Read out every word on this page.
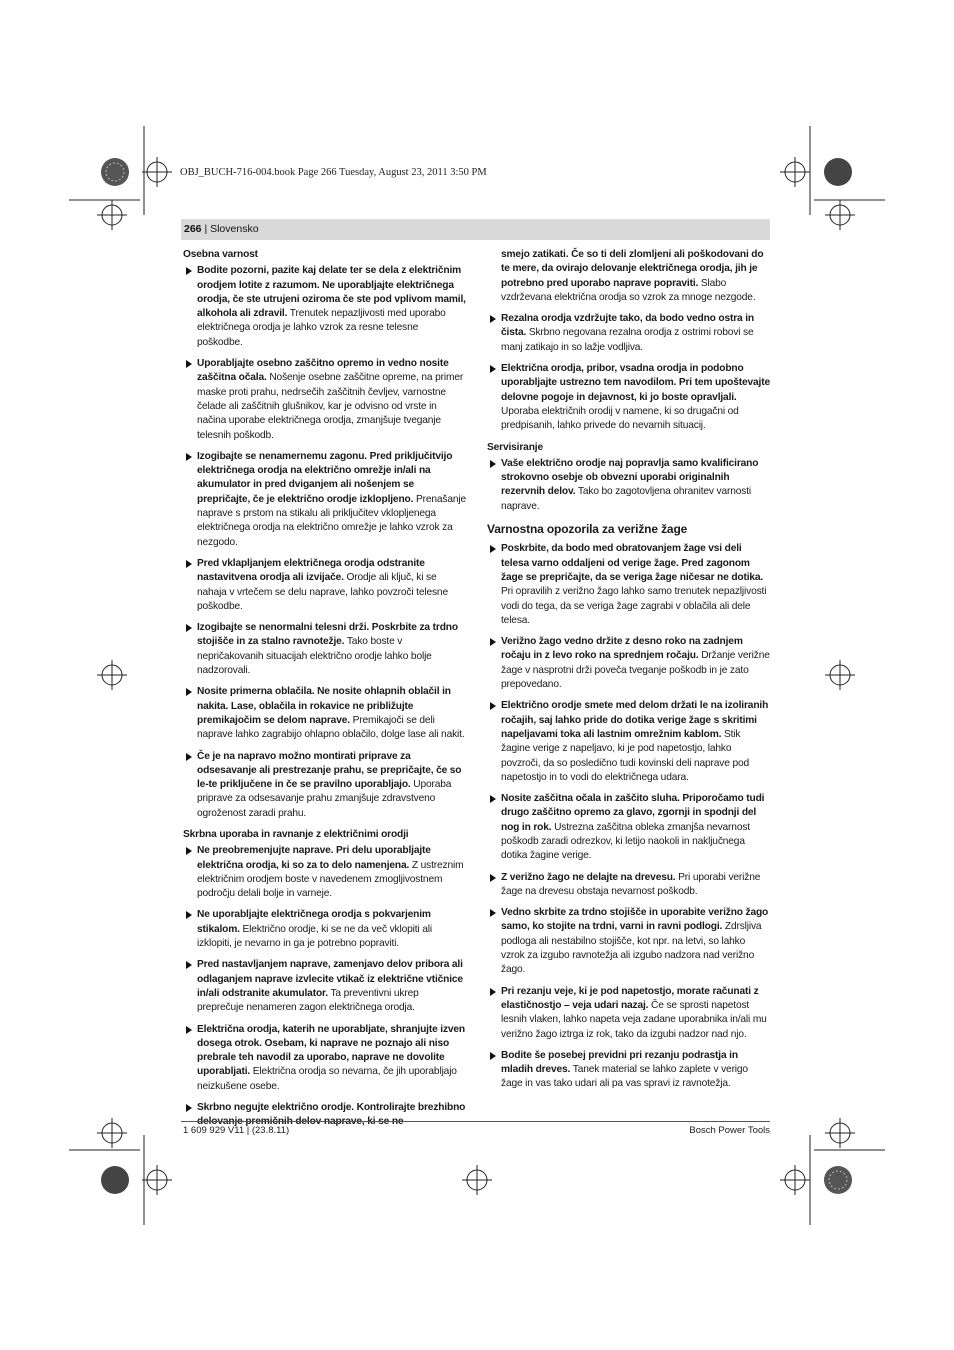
OBJ_BUCH-716-004.book Page 266 Tuesday, August 23, 2011 3:50 PM
266 | Slovensko
Osebna varnost
Bodite pozorni, pazite kaj delate ter se dela z električnim orodjem lotite z razumom. Ne uporabljajte električnega orodja, če ste utrujeni oziroma če ste pod vplivom mamil, alkohola ali zdravil. Trenutek nepazljivosti med uporabo električnega orodja je lahko vzrok za resne telesne poškodbe.
Uporabljajte osebno zaščitno opremo in vedno nosite zaščitna očala. Nošenje osebne zaščitne opreme, na primer maske proti prahu, nedrsečih zaščitnih čevljev, varnostne čelade ali zaščitnih glušnikov, kar je odvisno od vrste in načina uporabe električnega orodja, zmanjšuje tveganje telesnih poškodb.
Izogibajte se nenamernemu zagonu. Pred priključitvijo električnega orodja na električno omrežje in/ali na akumulator in pred dviganjem ali nošenjem se prepričajte, če je električno orodje izklopljeno. Prenašanje naprave s prstom na stikalu ali priključitev vklopljenega električnega orodja na električno omrežje je lahko vzrok za nezgodo.
Pred vklapljanjem električnega orodja odstranite nastavitvena orodja ali izvijače. Orodje ali ključ, ki se nahaja v vrtečem se delu naprave, lahko povzroči telesne poškodbe.
Izogibajte se nenormalni telesni drži. Poskrbite za trdno stojišče in za stalno ravnotežje. Tako boste v nepričakovanih situacijah električno orodje lahko bolje nadzorovali.
Nosite primerna oblačila. Ne nosite ohlapnih oblačil in nakita. Lase, oblačila in rokavice ne približujte premikajočim se delom naprave. Premikajoči se deli naprave lahko zagrabijo ohlapno oblačilo, dolge lase ali nakit.
Če je na napravo možno montirati priprave za odsesavanje ali prestrezanje prahu, se prepričajte, če so le-te priključene in če se pravilno uporabljajo. Uporaba priprave za odsesavanje prahu zmanjšuje zdravstveno ogroženost zaradi prahu.
Skrbna uporaba in ravnanje z električnimi orodji
Ne preobremenjujte naprave. Pri delu uporabljajte električna orodja, ki so za to delo namenjena. Z ustreznim električnim orodjem boste v navedenem zmogljivostnem področju delali bolje in varneje.
Ne uporabljajte električnega orodja s pokvarjenim stikalom. Električno orodje, ki se ne da več vklopiti ali izklopiti, je nevarno in ga je potrebno popraviti.
Pred nastavljanjem naprave, zamenjavo delov pribora ali odlaganjem naprave izvlecite vtikač iz električne vtičnice in/ali odstranite akumulator. Ta preventivni ukrep preprečuje nenameren zagon električnega orodja.
Električna orodja, katerih ne uporabljate, shranjujte izven dosega otrok. Osebam, ki naprave ne poznajo ali niso prebrale teh navodil za uporabo, naprave ne dovolite uporabljati. Električna orodja so nevarna, če jih uporabljajo neizkušene osebe.
Skrbno negujte električno orodje. Kontrolirajte brezhibno
smejo zatikati. Če so ti deli zlomljeni ali poškodovani do te mere, da ovirajo delovanje električnega orodja, jih je potrebno pred uporabo naprave popraviti. Slabo vzdrževana električna orodja so vzrok za mnoge nezgode.
Rezalna orodja vzdržujte tako, da bodo vedno ostra in čista. Skrbno negovana rezalna orodja z ostrimi robovi se manj zatikajo in so lažje vodljiva.
Električna orodja, pribor, vsadna orodja in podobno uporabljajte ustrezno tem navodilom. Pri tem upoštevajte delovne pogoje in dejavnost, ki jo boste opravljali. Uporaba električnih orodij v namene, ki so drugačni od predpisanih, lahko privede do nevarnih situacij.
Servisiranje
Vaše električno orodje naj popravlja samo kvalificirano strokovno osebje ob obvezni uporabi originalnih rezervnih delov. Tako bo zagotovljena ohranitev varnosti naprave.
Varnostna opozorila za verižne žage
Poskrbite, da bodo med obratovanjem žage vsi deli telesa varno oddaljeni od verige žage. Pred zagonom žage se prepričajte, da se veriga žage ničesar ne dotika. Pri opravilih z verižno žago lahko samo trenutek nepazljivosti vodi do tega, da se veriga žage zagrabi v oblačila ali dele telesa.
Verižno žago vedno držite z desno roko na zadnjem ročaju in z levo roko na sprednjem ročaju. Držanje verižne žage v nasprotni drži poveča tveganje poškodb in je zato prepovedano.
Električno orodje smete med delom držati le na izoliranih ročajih, saj lahko pride do dotika verige žage s skritimi napeljavami toka ali lastnim omrežnim kablom. Stik žagine verige z napeljavo, ki je pod napetostjo, lahko povzroči, da so posledično tudi kovinski deli naprave pod napetostjo in to vodi do električnega udara.
Nosite zaščitna očala in zaščito sluha. Priporočamo tudi drugo zaščitno opremo za glavo, zgornji in spodnji del nog in rok. Ustrezna zaščitna obleka zmanjša nevarnost poškodb zaradi odrezkov, ki letijo naokoli in naključnega dotika žagine verige.
Z verižno žago ne delajte na drevesu. Pri uporabi verižne žage na drevesu obstaja nevarnost poškodb.
Vedno skrbite za trdno stojišče in uporabite verižno žago samo, ko stojite na trdni, varni in ravni podlogi. Zdrsljiva podloga ali nestabilno stojišče, kot npr. na letvi, so lahko vzrok za izgubo ravnotežja ali izgubo nadzora nad verižno žago.
Pri rezanju veje, ki je pod napetostjo, morate računati z elastičnostjo – veja udari nazaj. Če se sprosti napetost lesnih vlaken, lahko napeta veja zadane uporabnika in/ali mu verižno žago iztrga iz rok, tako da izgubi nadzor nad njo.
Bodite še posebej previdni pri rezanju podrastja in mladih dreves. Tanek material se lahko zaplete v verigo žage in vas tako udari ali pa vas spravi iz ravnotežja.
1 609 929 V11 | (23.8.11)	Bosch Power Tools
